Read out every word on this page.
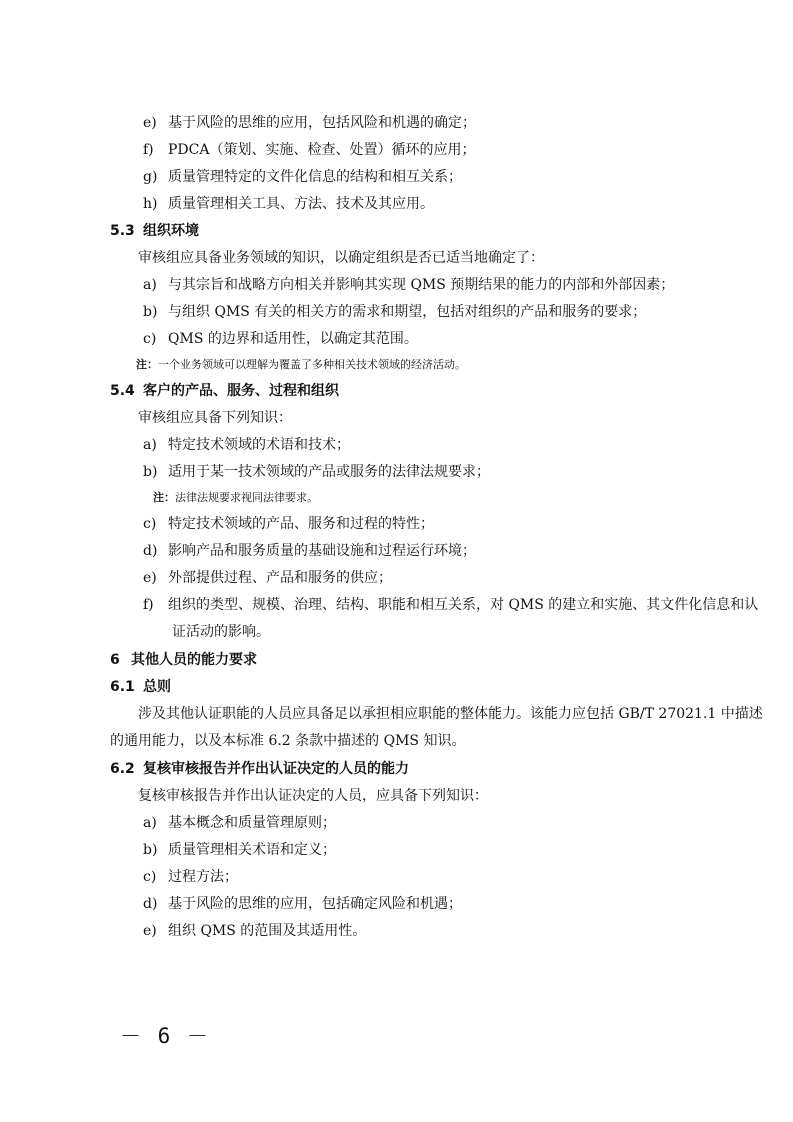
e) 基于风险的思维的应用，包括风险和机遇的确定；
f) PDCA（策划、实施、检查、处置）循环的应用；
g) 质量管理特定的文件化信息的结构和相互关系；
h) 质量管理相关工具、方法、技术及其应用。
5.3 组织环境
审核组应具备业务领域的知识，以确定组织是否已适当地确定了：
a) 与其宗旨和战略方向相关并影响其实现 QMS 预期结果的能力的内部和外部因素；
b) 与组织 QMS 有关的相关方的需求和期望，包括对组织的产品和服务的要求；
c) QMS 的边界和适用性，以确定其范围。
注：一个业务领域可以理解为覆盖了多种相关技术领域的经济活动。
5.4 客户的产品、服务、过程和组织
审核组应具备下列知识：
a) 特定技术领域的术语和技术；
b) 适用于某一技术领域的产品或服务的法律法规要求；
注：法律法规要求视同法律要求。
c) 特定技术领域的产品、服务和过程的特性；
d) 影响产品和服务质量的基础设施和过程运行环境；
e) 外部提供过程、产品和服务的供应；
f) 组织的类型、规模、治理、结构、职能和相互关系，对 QMS 的建立和实施、其文件化信息和认
证活动的影响。
6 其他人员的能力要求
6.1 总则
涉及其他认证职能的人员应具备足以承担相应职能的整体能力。该能力应包括 GB/T 27021.1 中描述
的通用能力，以及本标准 6.2 条款中描述的 QMS 知识。
6.2 复核审核报告并作出认证决定的人员的能力
复核审核报告并作出认证决定的人员，应具备下列知识：
a) 基本概念和质量管理原则；
b) 质量管理相关术语和定义；
c) 过程方法；
d) 基于风险的思维的应用，包括确定风险和机遇；
e) 组织 QMS 的范围及其适用性。
－ 6 －
